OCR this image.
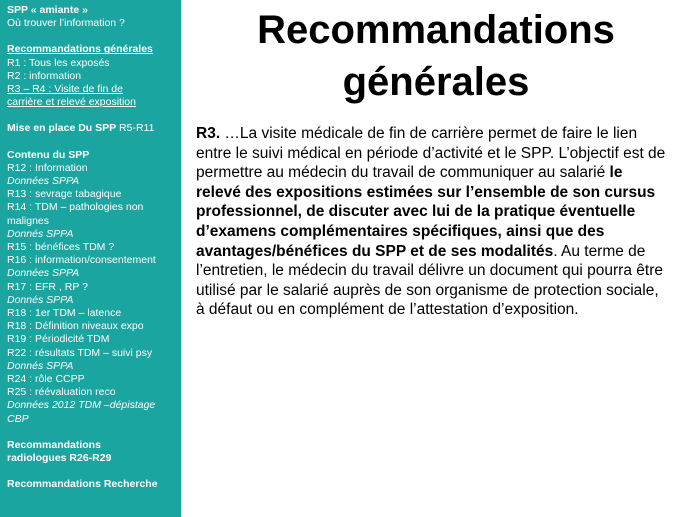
SPP « amiante »
Où trouver l’information ?
Recommandations générales
R1 : Tous les exposés
R2 : information
R3 – R4 : Visite de fin de
carrière et relevé exposition
Mise en place Du SPP R5-R11
Contenu du SPP
R12 : Information
Données SPPA
R13 : sevrage tabagique
R14 : TDM – pathologies non
malignes
Donnés SPPA
R15 : bénéfices TDM ?
R16 : information/consentement
Données SPPA
R17 : EFR , RP ?
Donnés SPPA
R18 : 1er TDM – latence
R18 : Définition niveaux expo
R19 : Périodicité TDM
R22 : résultats TDM – suivi psy
Donnés SPPA
R24 : rôle CCPP
R25 : réévaluation reco
Données 2012 TDM –dépistage
CBP
Recommandations
radiologues R26-R29
Recommandations Recherche
Recommandations
générales
R3. …La visite médicale de fin de carrière permet de faire le lien entre le suivi médical en période d’activité et le SPP. L’objectif est de permettre au médecin du travail de communiquer au salarié le relevé des expositions estimées sur l’ensemble de son cursus professionnel, de discuter avec lui de la pratique éventuelle d’examens complémentaires spécifiques, ainsi que des avantages/bénéfices du SPP et de ses modalités. Au terme de l’entretien, le médecin du travail délivre un document qui pourra être utilisé par le salarié auprès de son organisme de protection sociale, à défaut ou en complément de l’attestation d’exposition.
